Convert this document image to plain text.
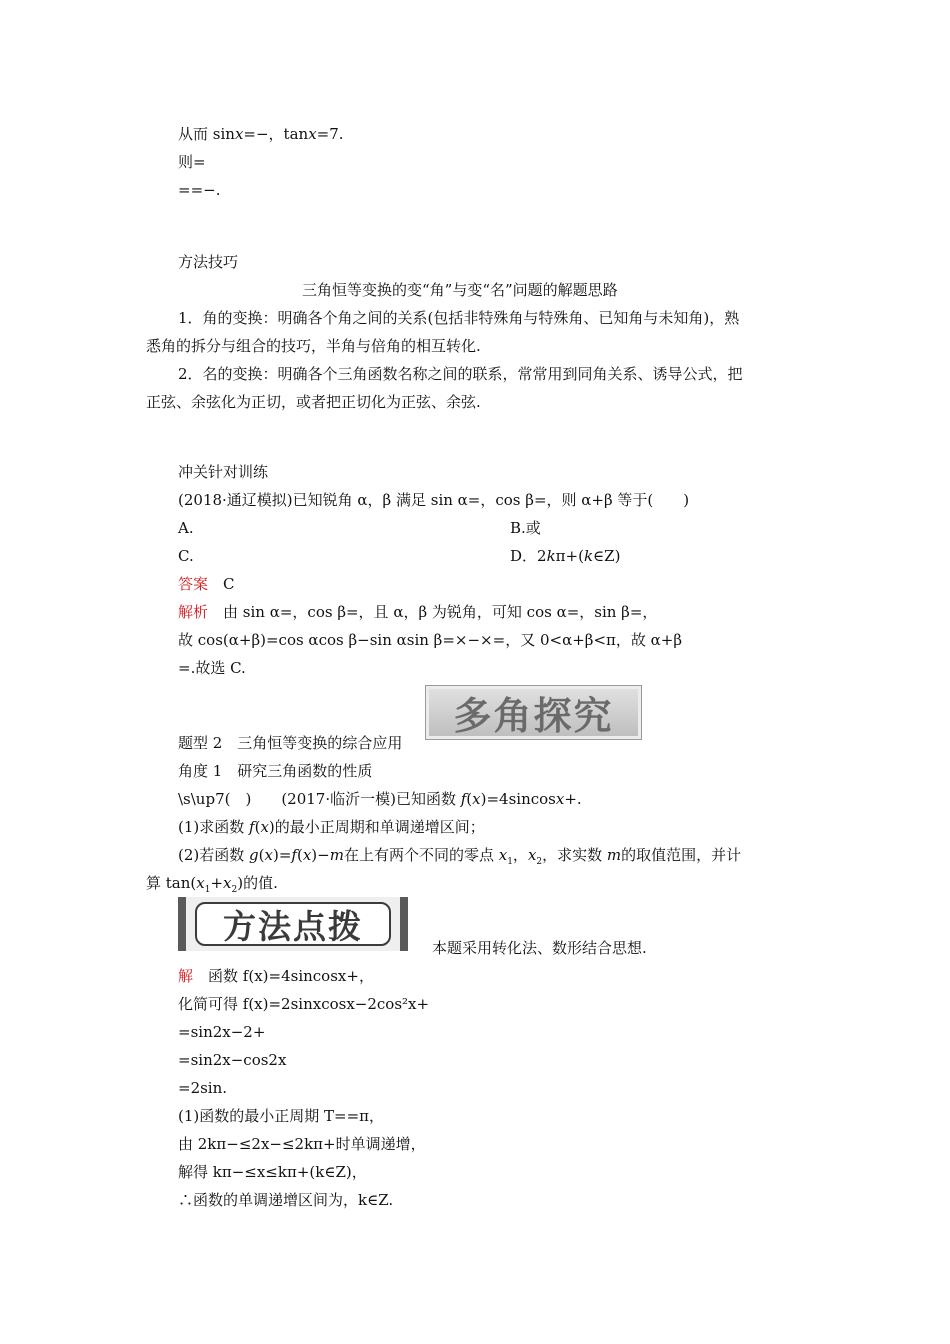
从而 sinx=−，tanx=7.
则=
==−.
方法技巧
三角恒等变换的变“角”与变“名”问题的解题思路
1．角的变换：明确各个角之间的关系(包括非特殊角与特殊角、已知角与未知角)，熟
悉角的拆分与组合的技巧，半角与倍角的相互转化.
2．名的变换：明确各个三角函数名称之间的联系，常常用到同角关系、诱导公式，把
正弦、余弦化为正切，或者把正切化为正弦、余弦.
冲关针对训练
(2018·通辽模拟)已知锐角 α，β 满足 sin α=，cos β=，则 α+β 等于(　　)
A.	B.或
C.	D．2kπ+(k∈Z)
答案　 C
解析　 由 sin α=，cos β=，且 α，β 为锐角，可知 cos α=，sin β=，
故 cos(α+β)=cos αcos β−sin αsin β=×−×=，又 0<α+β<π，故 α+β
=.故选 C.
多角探究
题型 2　三角恒等变换的综合应用
角度 1　研究三角函数的性质
\s\up7(　)　　(2017·临沂一模)已知函数 f(x)=4sincosx+.
(1)求函数 f(x)的最小正周期和单调递增区间；
(2)若函数 g(x)=f(x)−m在上有两个不同的零点 $x_1$，$x_2$，求实数 m的取值范围，并计
算 $\tan(x_1+x_2)$的值.
方法点拨
本题采用转化法、数形结合思想.
解　 函数 f(x)=4sincosx+，
化简可得 f(x)=2sinxcosx−2cos²x+
=sin2x−2+
=sin2x−cos2x
=2sin.
(1)函数的最小正周期 T==π，
由 2kπ−≤2x−≤2kπ+时单调递增，
解得 kπ−≤x≤kπ+(k∈Z)，
∴函数的单调递增区间为，k∈Z.
